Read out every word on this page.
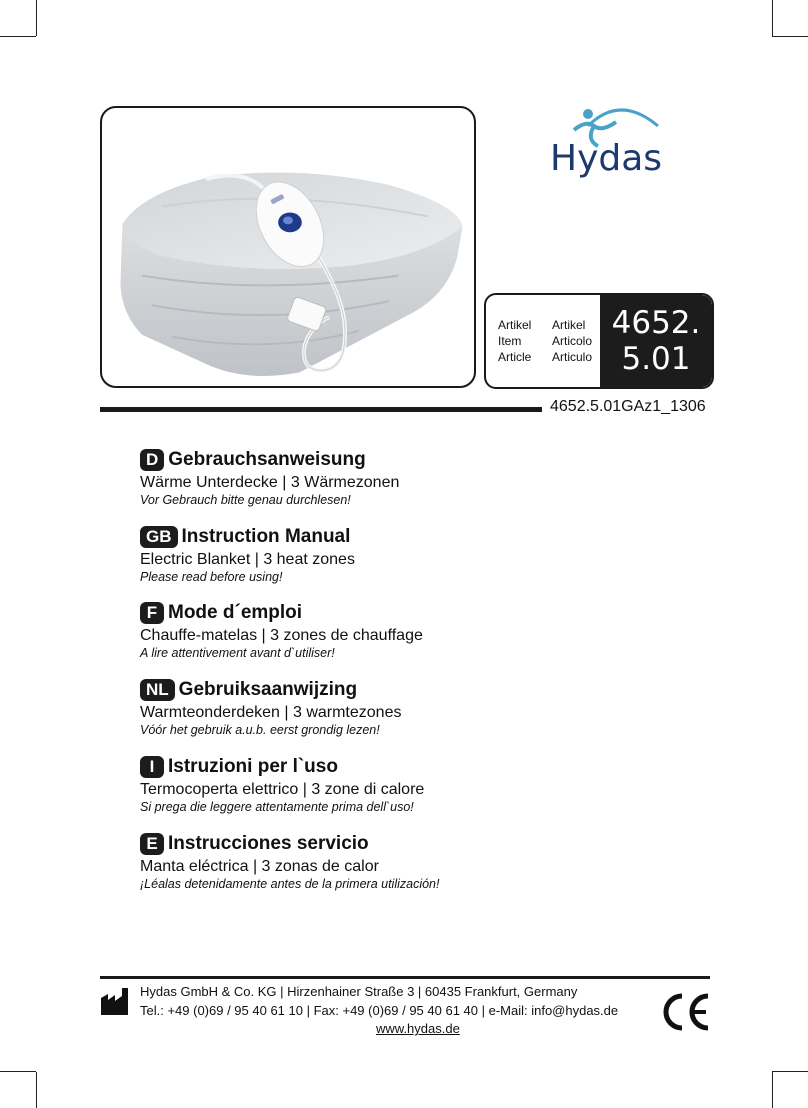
Hydas
Artikel
Item
Article
Artikel
Articolo
Articulo
4652.
5.01
4652.5.01GAz1_1306
D Gebrauchsanweisung
Wärme Unterdecke | 3 Wärmezonen
Vor Gebrauch bitte genau durchlesen!
GB Instruction Manual
Electric Blanket | 3 heat zones
Please read before using!
F Mode d´emploi
Chauffe-matelas | 3 zones de chauffage
A lire attentivement avant d`utiliser!
NL Gebruiksaanwijzing
Warmteonderdeken | 3 warmtezones
Vóór het gebruik a.u.b. eerst grondig lezen!
I Istruzioni per l`uso
Termocoperta elettrico | 3 zone di calore
Si prega die leggere attentamente prima dell`uso!
E Instrucciones servicio
Manta eléctrica | 3 zonas de calor
¡Léalas detenidamente antes de la primera utilización!
Hydas GmbH & Co. KG | Hirzenhainer Straße 3 | 60435 Frankfurt, Germany
Tel.: +49 (0)69 / 95 40 61 10 | Fax: +49 (0)69 / 95 40 61 40 | e-Mail: info@hydas.de
www.hydas.de
